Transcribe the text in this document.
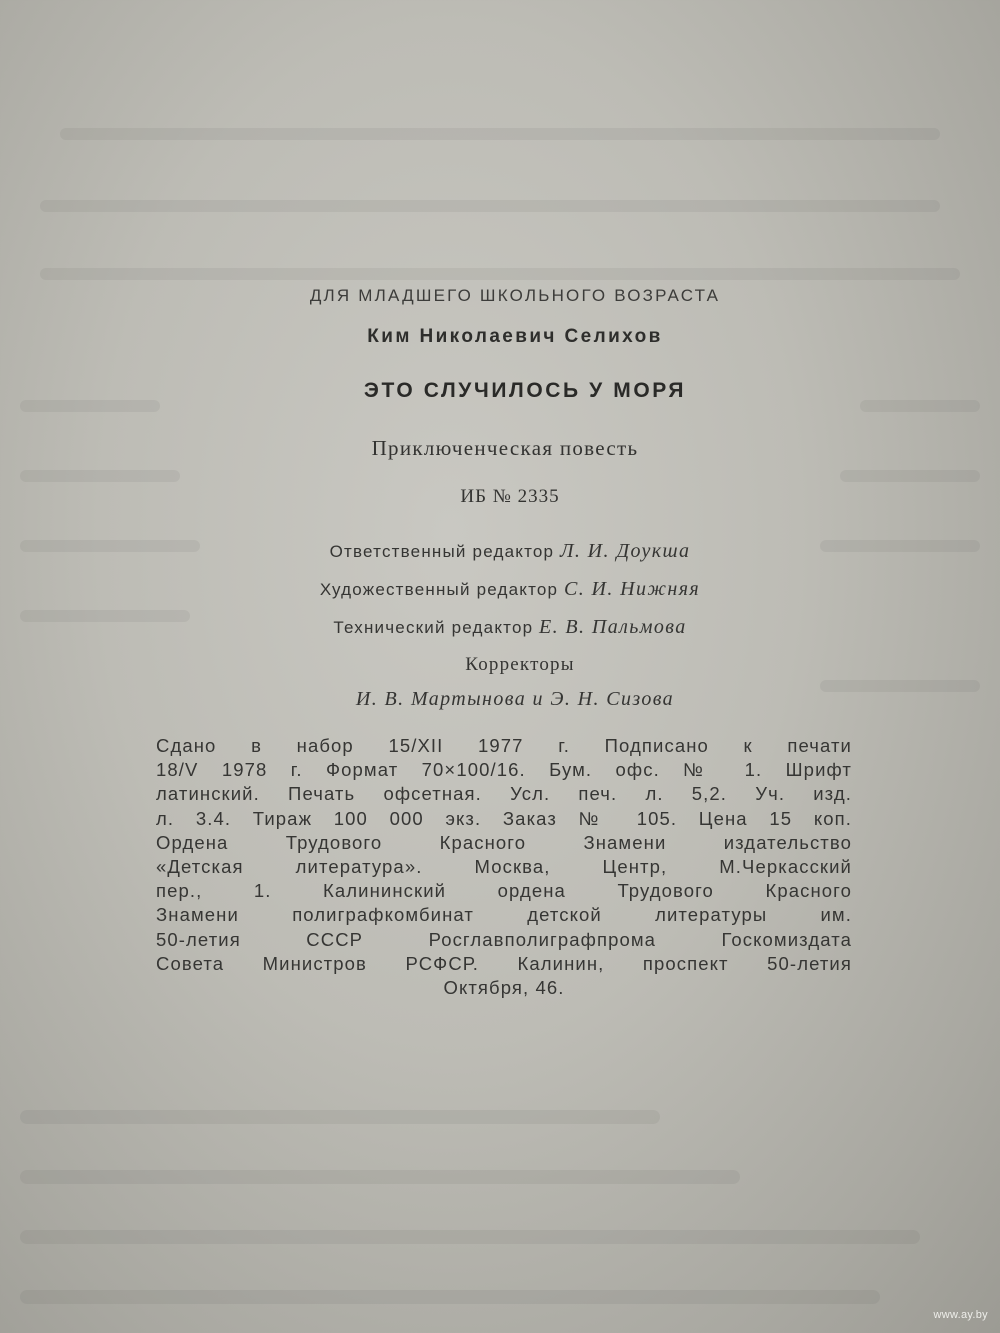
ДЛЯ МЛАДШЕГО ШКОЛЬНОГО ВОЗРАСТА
Ким Николаевич Селихов
ЭТО СЛУЧИЛОСЬ У МОРЯ
Приключенческая повесть
ИБ № 2335
Ответственный редактор Л. И. Доукша
Художественный редактор С. И. Нижняя
Технический редактор Е. В. Пальмова
Корректоры
И. В. Мартынова и Э. Н. Сизова
Сдано в набор 15/XII 1977 г. Подписано к печати
18/V 1978 г. Формат 70×100/16. Бум. офс. № 1. Шрифт
латинский. Печать офсетная. Усл. печ. л. 5,2. Уч. изд.
л. 3.4. Тираж 100 000 экз. Заказ № 105. Цена 15 коп.
Ордена Трудового Красного Знамени издательство
«Детская литература». Москва, Центр, М.Черкасский
пер., 1. Калининский ордена Трудового Красного
Знамени полиграфкомбинат детской литературы им.
50-летия СССР Росглавполиграфпрома Госкомиздата
Совета Министров РСФСР. Калинин, проспект 50-летия
Октября, 46.
www.ay.by
